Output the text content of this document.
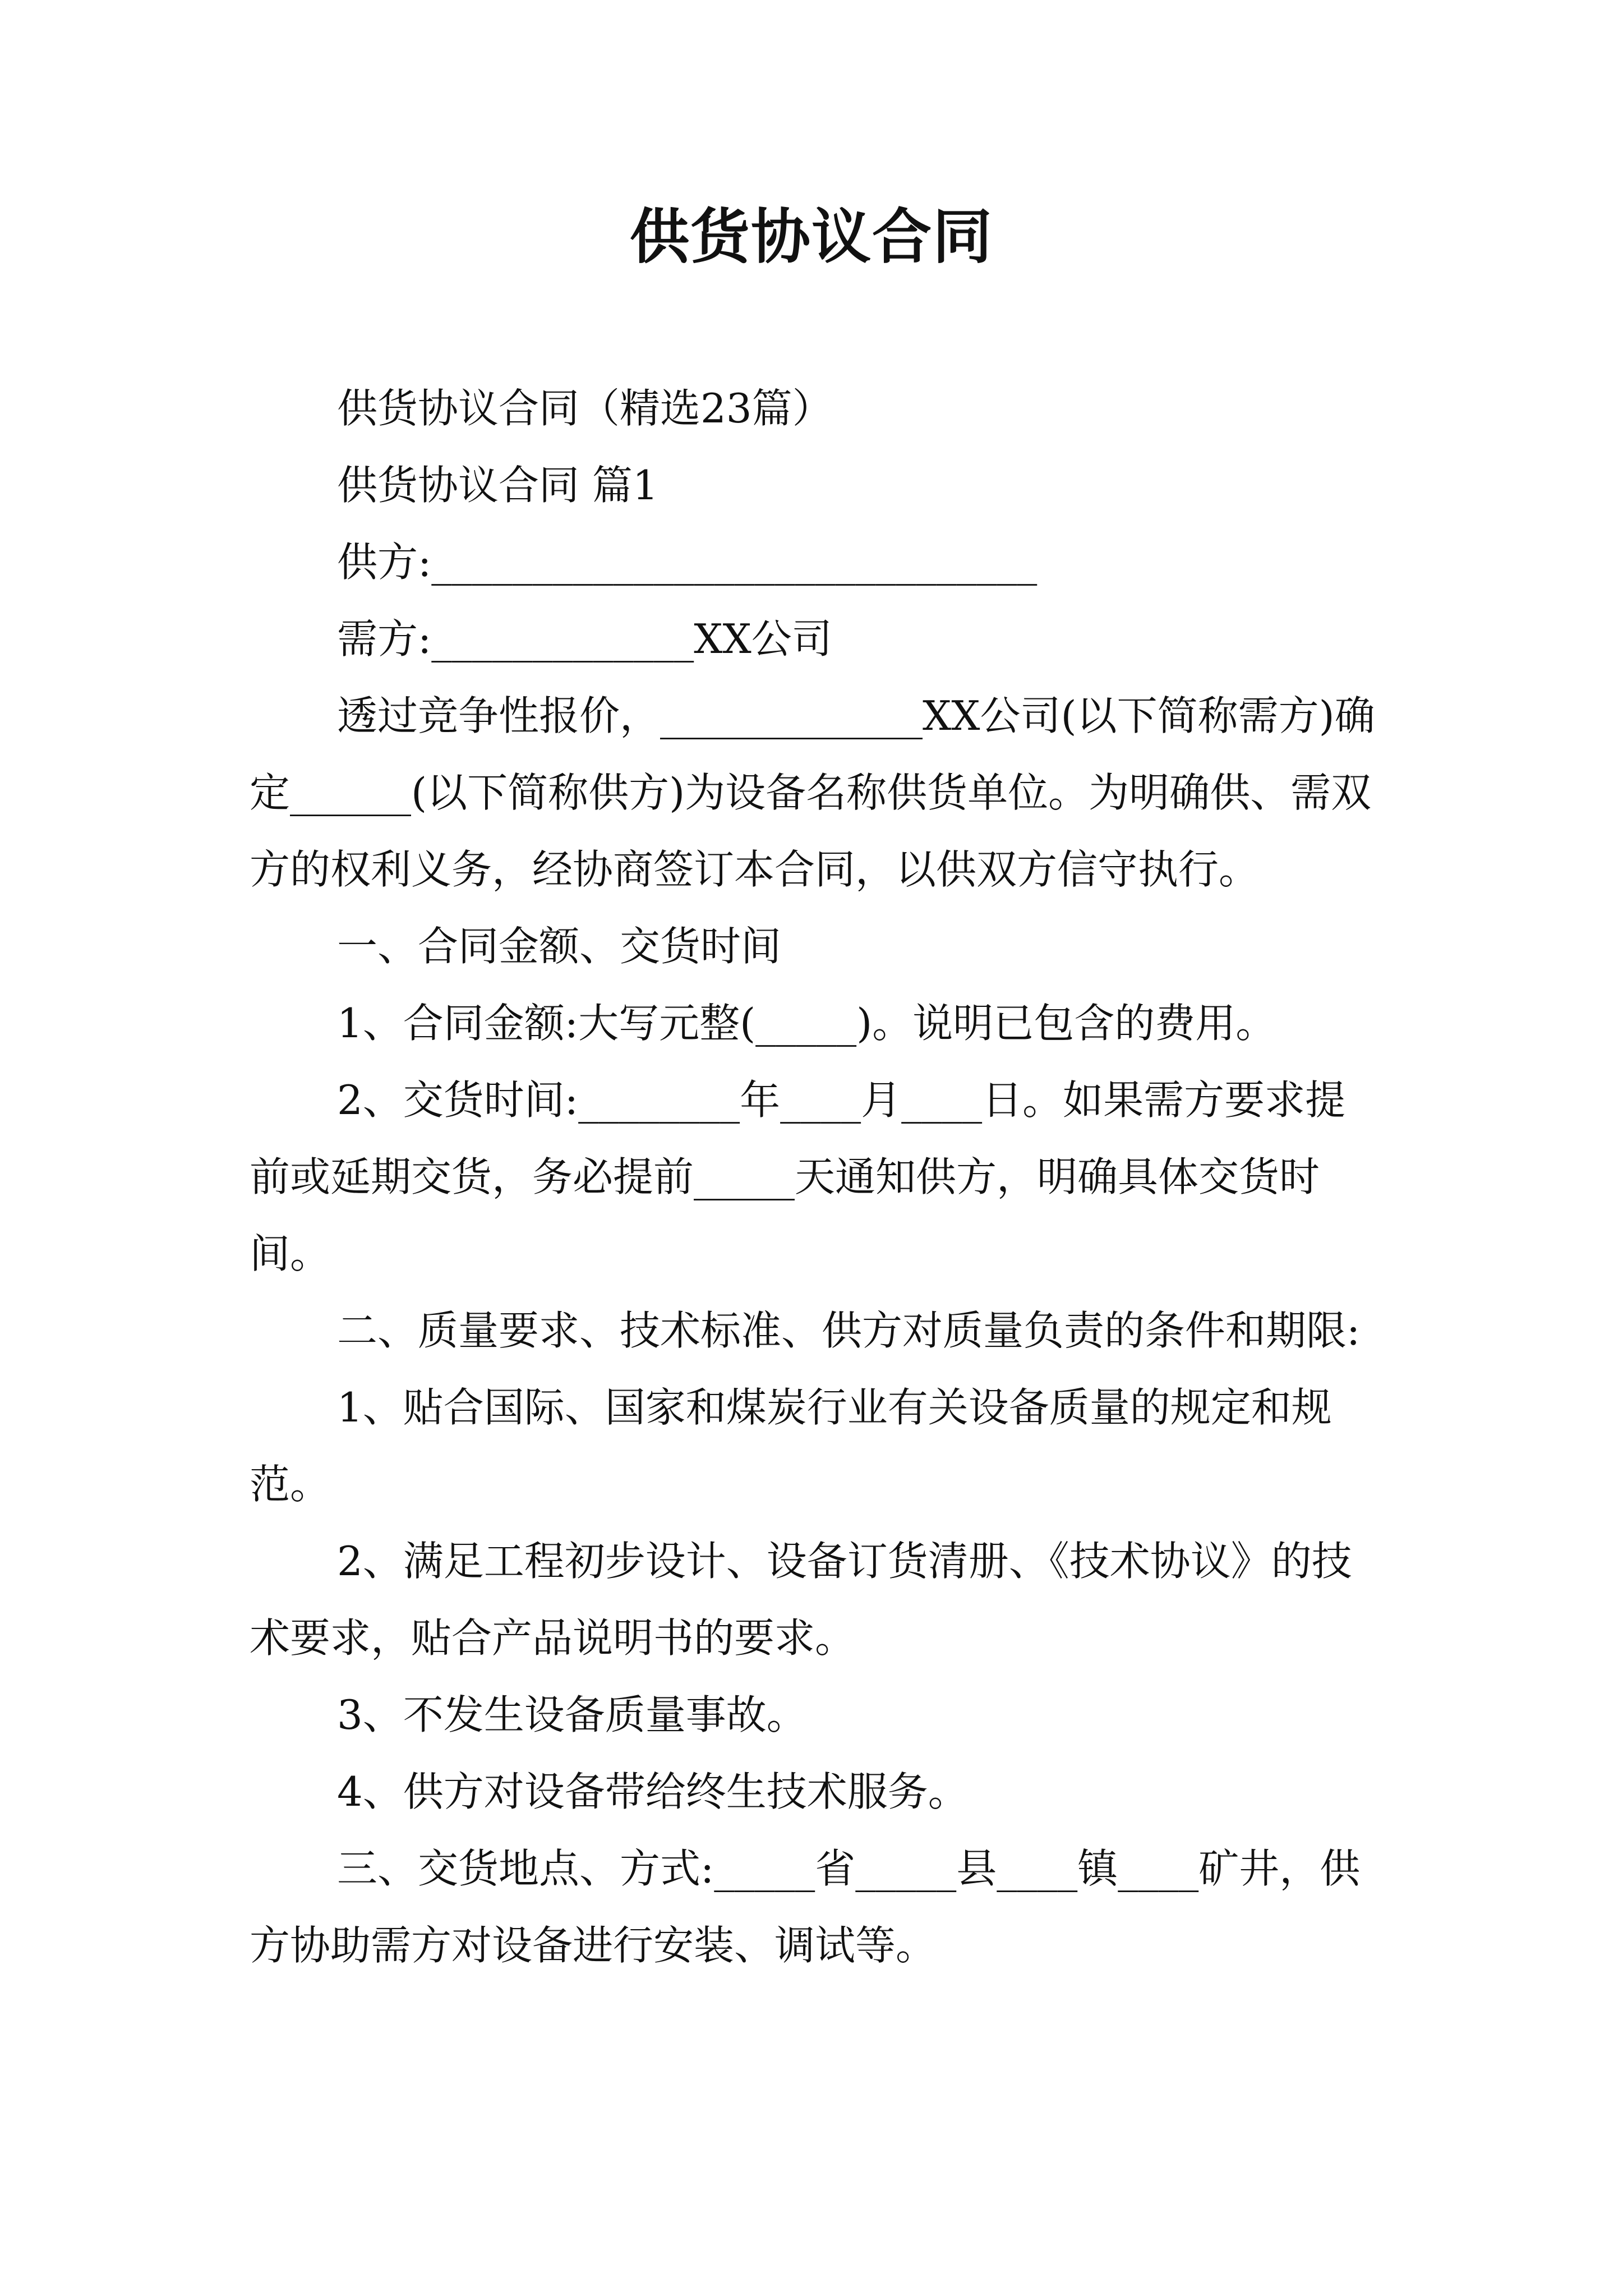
供货协议合同

供货协议合同（精选23篇）

供货协议合同 篇1

供方:______________________________

需方:_____________XX公司

透过竞争性报价，_____________XX公司(以下简称需方)确定______(以下简称供方)为设备名称供货单位。为明确供、需双方的权利义务，经协商签订本合同，以供双方信守执行。

一、合同金额、交货时间

1、合同金额:大写元整(_____)。说明已包含的费用。

2、交货时间:________年____月____日。如果需方要求提前或延期交货，务必提前_____天通知供方，明确具体交货时间。

二、质量要求、技术标准、供方对质量负责的条件和期限:

1、贴合国际、国家和煤炭行业有关设备质量的规定和规范。

2、满足工程初步设计、设备订货清册、《技术协议》的技术要求，贴合产品说明书的要求。

3、不发生设备质量事故。

4、供方对设备带给终生技术服务。

三、交货地点、方式:_____省_____县____镇____矿井，供方协助需方对设备进行安装、调试等。
